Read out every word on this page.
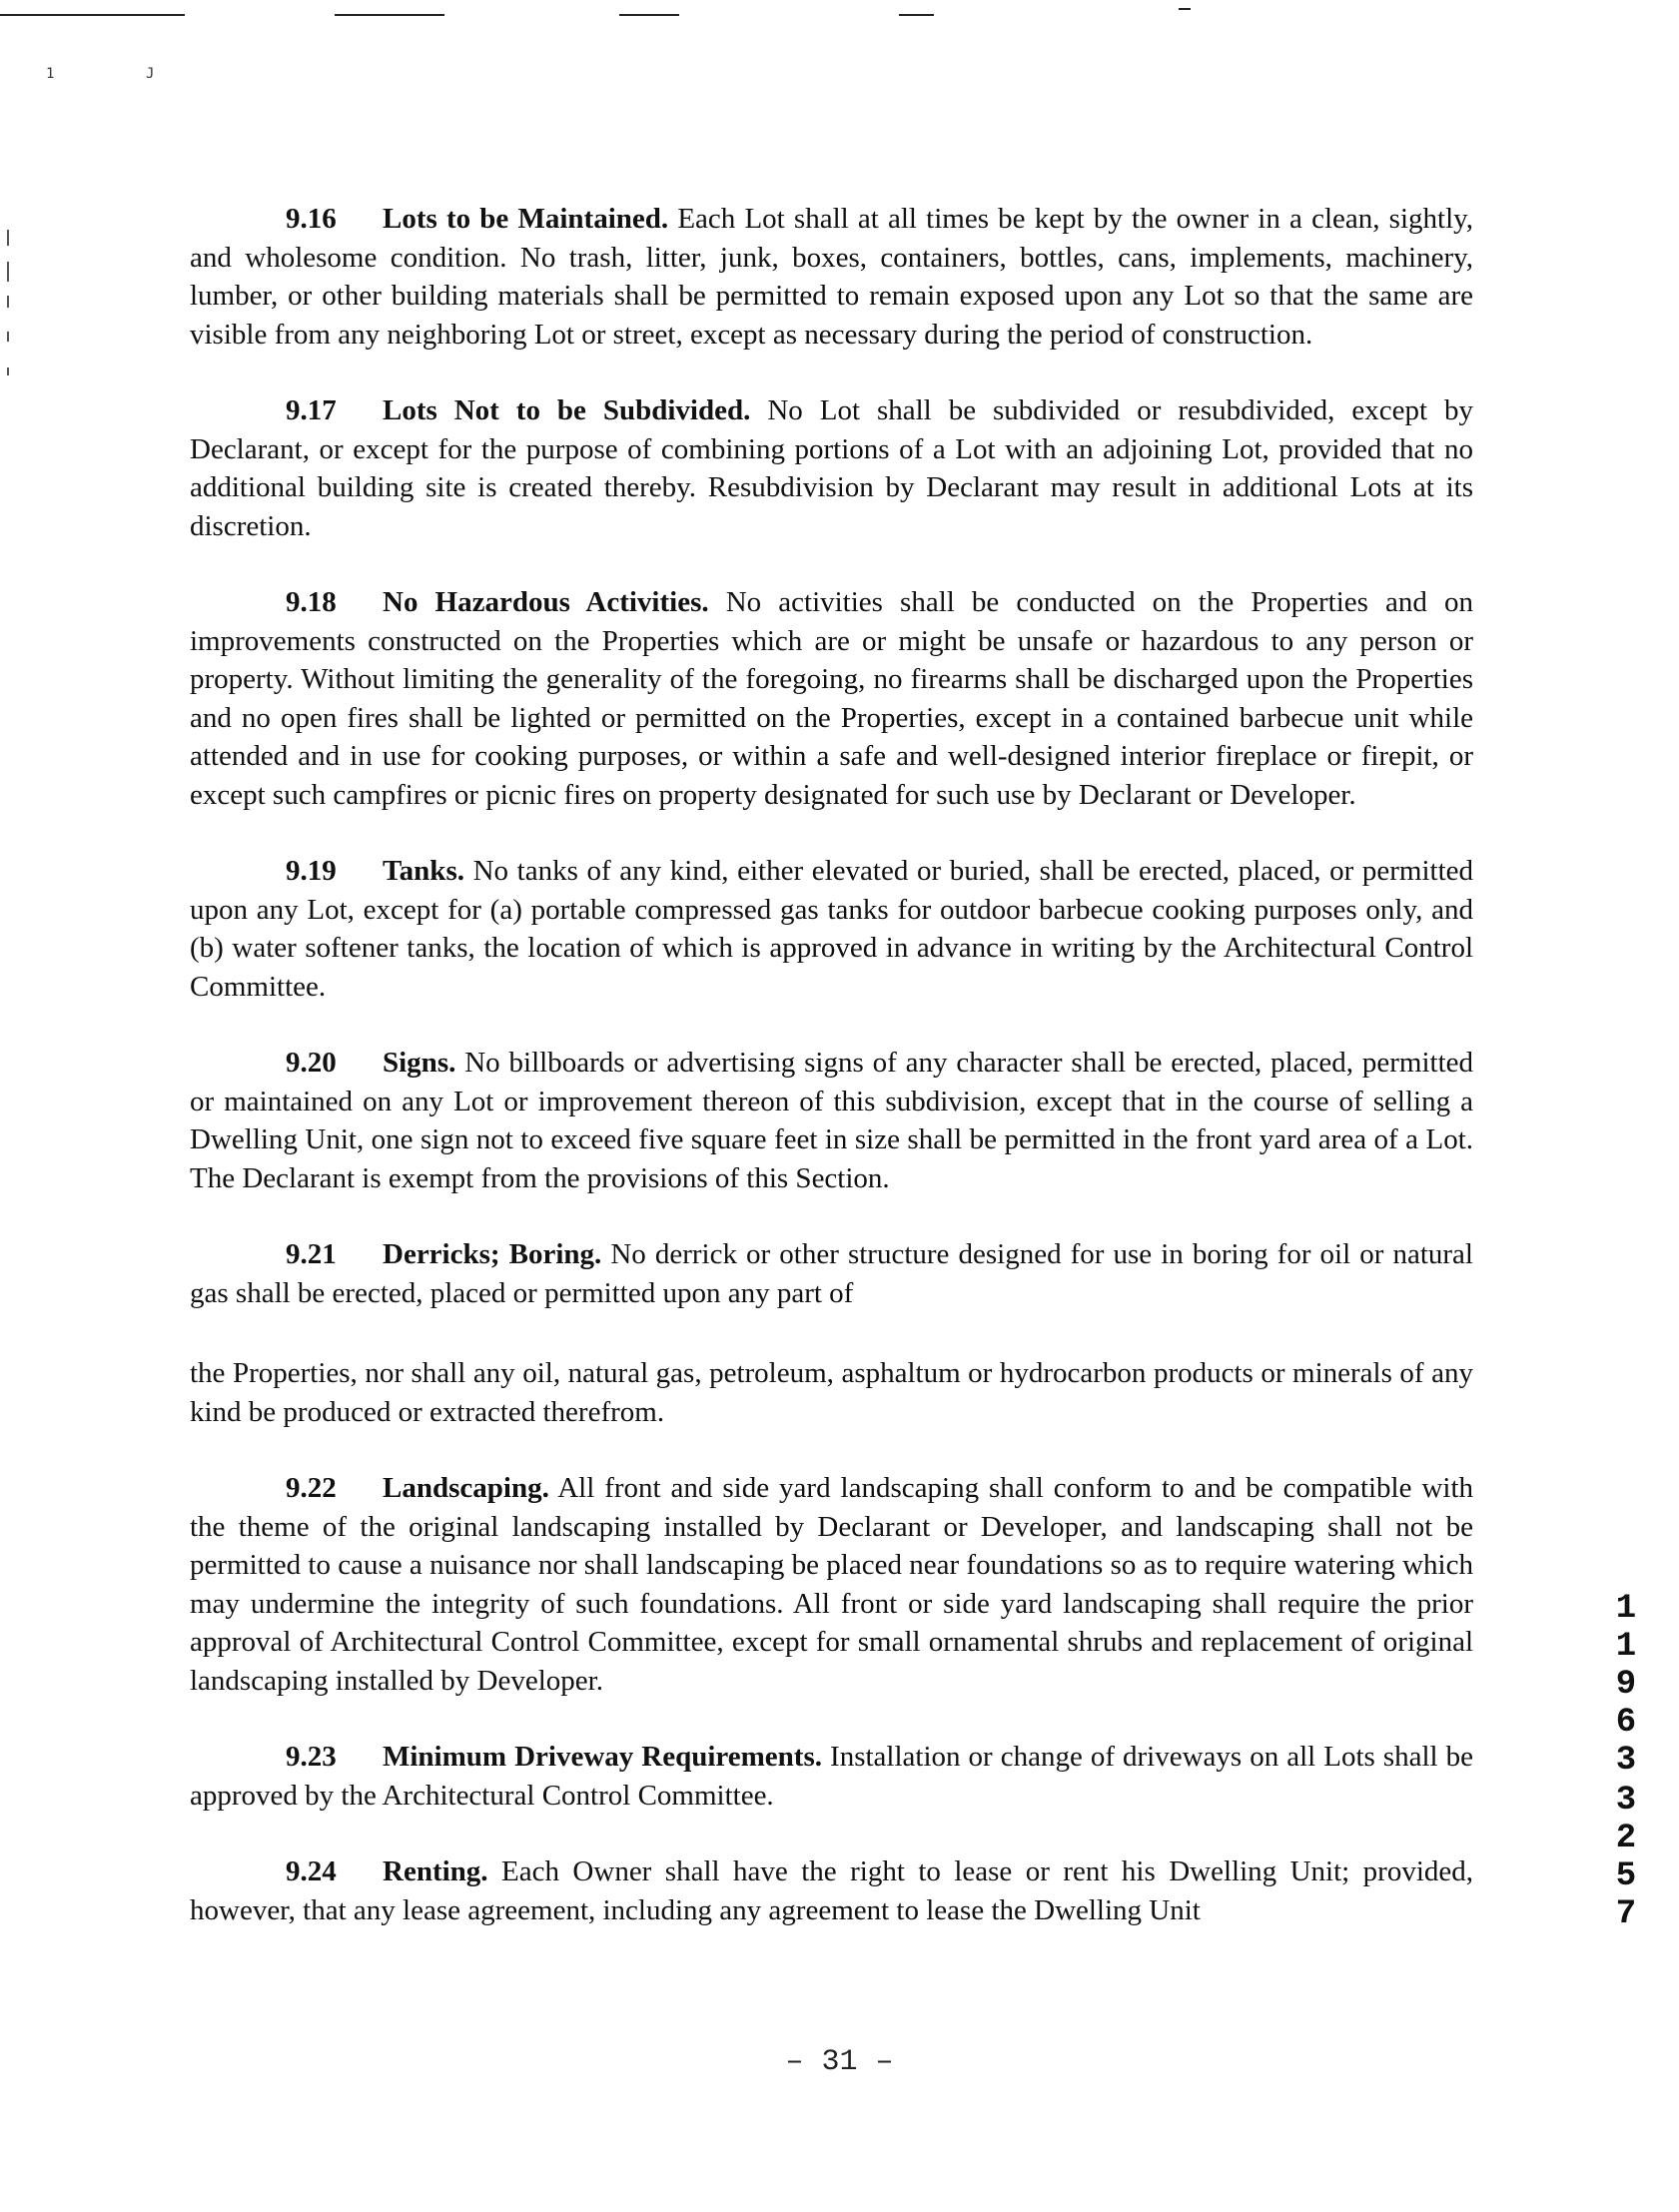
1	J

9.16 Lots to be Maintained. Each Lot shall at all times be kept by the owner in a clean, sightly, and wholesome condition. No trash, litter, junk, boxes, containers, bottles, cans, implements, machinery, lumber, or other building materials shall be permitted to remain exposed upon any Lot so that the same are visible from any neighboring Lot or street, except as necessary during the period of construction.

9.17 Lots Not to be Subdivided. No Lot shall be subdivided or resubdivided, except by Declarant, or except for the purpose of combining portions of a Lot with an adjoining Lot, provided that no additional building site is created thereby. Resubdivision by Declarant may result in additional Lots at its discretion.

9.18 No Hazardous Activities. No activities shall be conducted on the Properties and on improvements constructed on the Properties which are or might be unsafe or hazardous to any person or property. Without limiting the generality of the foregoing, no firearms shall be discharged upon the Properties and no open fires shall be lighted or permitted on the Properties, except in a contained barbecue unit while attended and in use for cooking purposes, or within a safe and well-designed interior fireplace or firepit, or except such campfires or picnic fires on property designated for such use by Declarant or Developer.

9.19 Tanks. No tanks of any kind, either elevated or buried, shall be erected, placed, or permitted upon any Lot, except for (a) portable compressed gas tanks for outdoor barbecue cooking purposes only, and (b) water softener tanks, the location of which is approved in advance in writing by the Architectural Control Committee.

9.20 Signs. No billboards or advertising signs of any character shall be erected, placed, permitted or maintained on any Lot or improvement thereon of this subdivision, except that in the course of selling a Dwelling Unit, one sign not to exceed five square feet in size shall be permitted in the front yard area of a Lot. The Declarant is exempt from the provisions of this Section.

9.21 Derricks; Boring. No derrick or other structure designed for use in boring for oil or natural gas shall be erected, placed or permitted upon any part of

the Properties, nor shall any oil, natural gas, petroleum, asphaltum or hydrocarbon products or minerals of any kind be produced or extracted therefrom.

9.22 Landscaping. All front and side yard landscaping shall conform to and be compatible with the theme of the original landscaping installed by Declarant or Developer, and landscaping shall not be permitted to cause a nuisance nor shall landscaping be placed near foundations so as to require watering which may undermine the integrity of such foundations. All front or side yard landscaping shall require the prior approval of Architectural Control Committee, except for small ornamental shrubs and replacement of original landscaping installed by Developer.

9.23 Minimum Driveway Requirements. Installation or change of driveways on all Lots shall be approved by the Architectural Control Committee.

9.24 Renting. Each Owner shall have the right to lease or rent his Dwelling Unit; provided, however, that any lease agreement, including any agreement to lease the Dwelling Unit

1
1
9
6
3
3
2
5
7
– 31 –
